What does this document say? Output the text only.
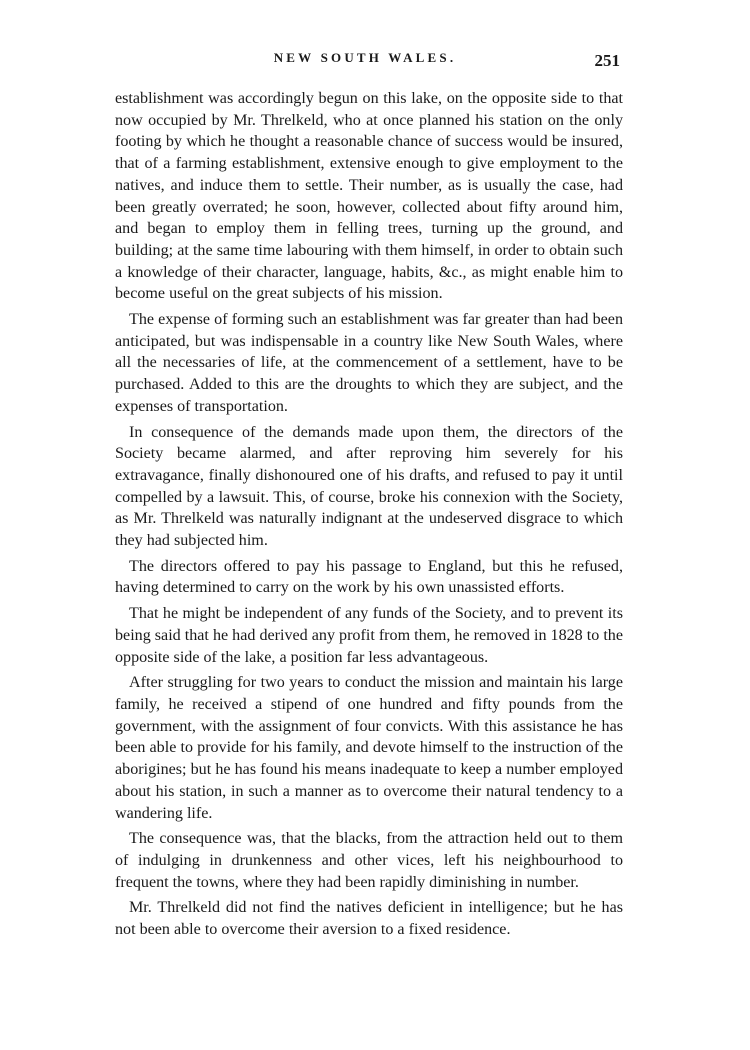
NEW SOUTH WALES.	251

establishment was accordingly begun on this lake, on the opposite side to that now occupied by Mr. Threlkeld, who at once planned his station on the only footing by which he thought a reasonable chance of success would be insured, that of a farming establishment, extensive enough to give employment to the natives, and induce them to settle. Their number, as is usually the case, had been greatly overrated; he soon, however, collected about fifty around him, and began to employ them in felling trees, turning up the ground, and building; at the same time labouring with them himself, in order to obtain such a knowledge of their character, language, habits, &c., as might enable him to become useful on the great subjects of his mission.

The expense of forming such an establishment was far greater than had been anticipated, but was indispensable in a country like New South Wales, where all the necessaries of life, at the commencement of a settlement, have to be purchased. Added to this are the droughts to which they are subject, and the expenses of transportation.

In consequence of the demands made upon them, the directors of the Society became alarmed, and after reproving him severely for his extravagance, finally dishonoured one of his drafts, and refused to pay it until compelled by a lawsuit. This, of course, broke his connexion with the Society, as Mr. Threlkeld was naturally indignant at the undeserved disgrace to which they had subjected him.

The directors offered to pay his passage to England, but this he refused, having determined to carry on the work by his own unassisted efforts.

That he might be independent of any funds of the Society, and to prevent its being said that he had derived any profit from them, he removed in 1828 to the opposite side of the lake, a position far less advantageous.

After struggling for two years to conduct the mission and maintain his large family, he received a stipend of one hundred and fifty pounds from the government, with the assignment of four convicts. With this assistance he has been able to provide for his family, and devote himself to the instruction of the aborigines; but he has found his means inadequate to keep a number employed about his station, in such a manner as to overcome their natural tendency to a wandering life.

The consequence was, that the blacks, from the attraction held out to them of indulging in drunkenness and other vices, left his neighbourhood to frequent the towns, where they had been rapidly diminishing in number.

Mr. Threlkeld did not find the natives deficient in intelligence; but he has not been able to overcome their aversion to a fixed residence.
